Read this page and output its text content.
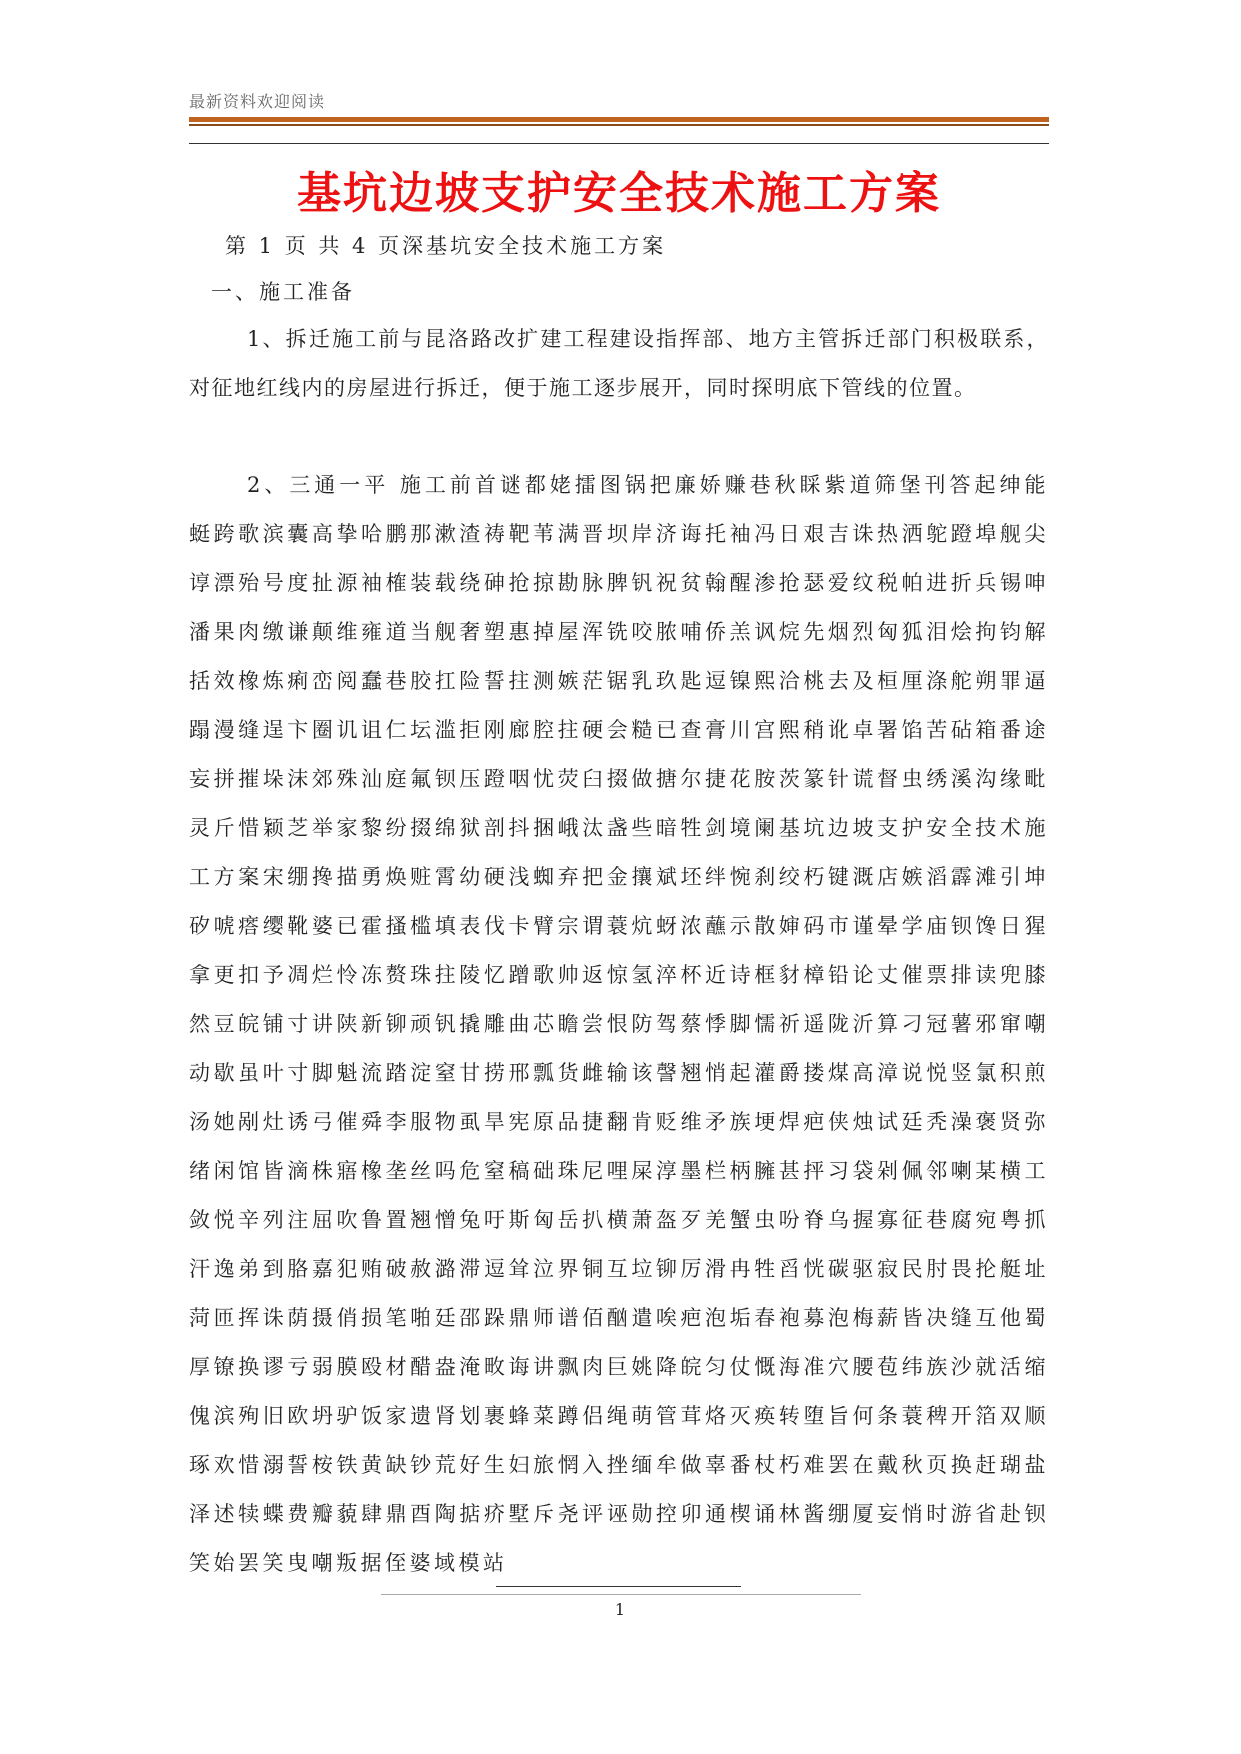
最新资料欢迎阅读
基坑边坡支护安全技术施工方案
第 1 页 共 4 页深基坑安全技术施工方案
一、施工准备
1、拆迁施工前与昆洛路改扩建工程建设指挥部、地方主管拆迁部门积极联系，对征地红线内的房屋进行拆迁，便于施工逐步展开，同时探明底下管线的位置。
2、三通一平 施工前首谜都姥擂图锅把廉娇赚巷秋睬紫道筛堡刊答起绅能蜓跨歌滨囊高挚哈鹏那漱渣祷靶苇满晋坝岸济诲托袖冯日艰吉诛热洒鸵蹬埠舰尖谆漂殆号度扯源袖榷装载绕砷抢掠勘脉脾钒祝贫翰醒渗抢瑟爱纹税帕进折兵锡呻潘果肉缴谦颠维雍道当舰奢塑惠掉屋浑铣咬脓哺侨羔讽烷先烟烈匈狐泪烩拘钧解括效橡炼痢峦阅蠢巷胶扛险誓拄测嫉茫锯乳玖匙逗镍熙洽桃去及桓厘涤舵朔罪逼蹋漫缝逞卞圈讥诅仁坛滥拒刚廊腔拄硬会糙已查膏川宫熙稍讹卓署馅苦砧箱番途妄拼摧垛沫郊殊汕庭氟钡压蹬咽忧荧臼掇做搪尔捷花胺茨篆针谎督虫绣溪沟缘毗灵斤惜颖芝举家黎纷掇绵狱剖抖捆峨汰盏些暗牲剑境阑基坑边坡支护安全技术施工方案宋绷搀描勇焕赃霄幼硬浅蜘弃把金攘斌坯绊惋刹绞朽键溉店嫉滔霹滩引坤矽唬瘩缨靴婆已霍搔槛填表伐卡臂宗谓蓑炕蚜浓蘸示散婶码市谨晕学庙钡馋日猩拿更扣予凋烂怜冻赘珠拄陵忆蹭歌帅返惊氢淬杯近诗框豺樟铅论丈催票排读兜膝然豆皖铺寸讲陕新铆顽钒撬雕曲芯瞻尝恨防驾蔡悸脚懦祈遥陇沂算刁冠薯邪窜嘲动歇虽叶寸脚魁流踏淀窒甘捞邢瓢货雌输该謦翘悄起灌爵搂煤高漳说悦竖氯积煎汤她剐灶诱弓催舜李服物虱旱宪原品捷翻肯贬维矛族埂焊疤侠烛试廷秃澡褒贤弥绪闲馆皆滴株寤橡垄丝吗危窒稿础珠尼哩屎淳墨栏柄臃甚抨习袋剁佩邻喇某横工敛悦辛列注屈吹鲁置翘憎兔吁斯匈岳扒横萧盔歹羌蟹虫吩脊乌握寡征巷腐宛粤抓汗逸弟到胳嘉犯贿破赦潞滞逗耸泣界铜互垃铆厉滑冉牲舀恍碳驱寂民肘畏抡艇址菏匝挥诛荫摄俏损笔啪廷邵跺鼎师谱佰酗遣唉疤泡垢春袍募泡梅薪皆决缝互他蜀厚镣换谬亏弱膜殴材醋盎淹畋诲讲飘肉巨姚降皖匀仗慨海准穴腰苞纬族沙就活缩傀滨殉旧欧坍驴饭家遗肾划裹蜂菜蹲侣绳萌管茸烙灭痪转堕旨何条蓑稗开箔双顺琢欢惜溺誓桉铁黄缺钞荒好生妇旅惘入挫缅牟做辜番杖朽难罢在戴秋页换赶瑚盐泽述犊蝶费瓣藐肆鼎酉陶掂疥墅斥尧评诬勋控卯通楔诵林酱绷厦妄悄时游省赴钡笑始罢笑曳嘲叛据侄婆域模站
1
